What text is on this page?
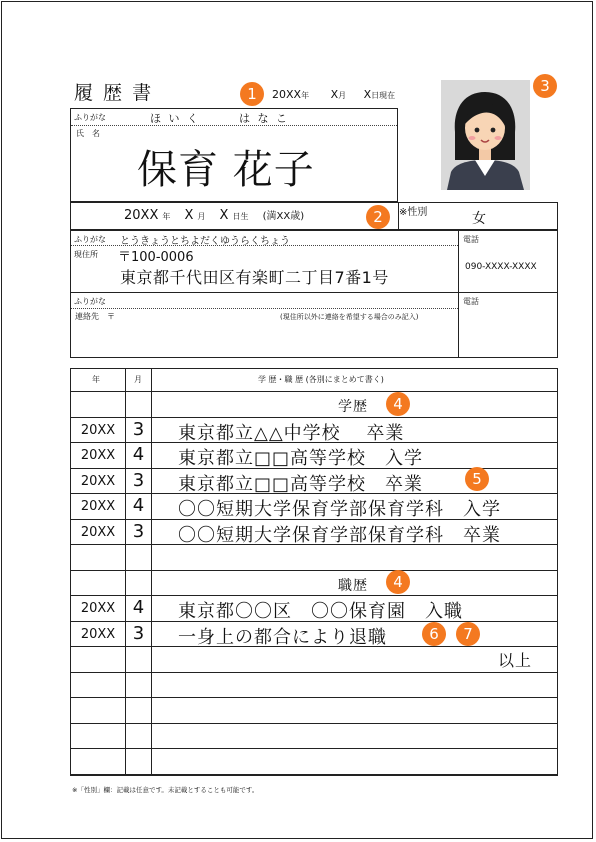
履 歴 書	1	20XX年 X月 X日現在
3
ふりがな	ほ い く　　　は な こ
氏　名
保育 花子
20XX 年 X 月 X 日生 (満XX歳)	2	※性別	女
ふりがな とうきょうとちよだくゆうらくちょう
現住所 〒100-0006
東京都千代田区有楽町二丁目7番1号
電話
090-XXXX-XXXX
ふりがな
連絡先　〒	(現住所以外に連絡を希望する場合のみ記入)
電話
年	月	学 歴・職 歴 (各別にまとめて書く)
学歴
20XX 3	東京都立△△中学校　 卒業
20XX 4	東京都立□□高等学校　入学
20XX 3	東京都立□□高等学校　卒業
20XX 4	〇〇短期大学保育学部保育学科　入学
20XX 3	〇〇短期大学保育学部保育学科　卒業
職歴
20XX 4	東京都〇〇区　〇〇保育園　入職
20XX 3	一身上の都合により退職
以上
4
5
4
6	7
※「性別」欄：記載は任意です。未記載とすることも可能です。
